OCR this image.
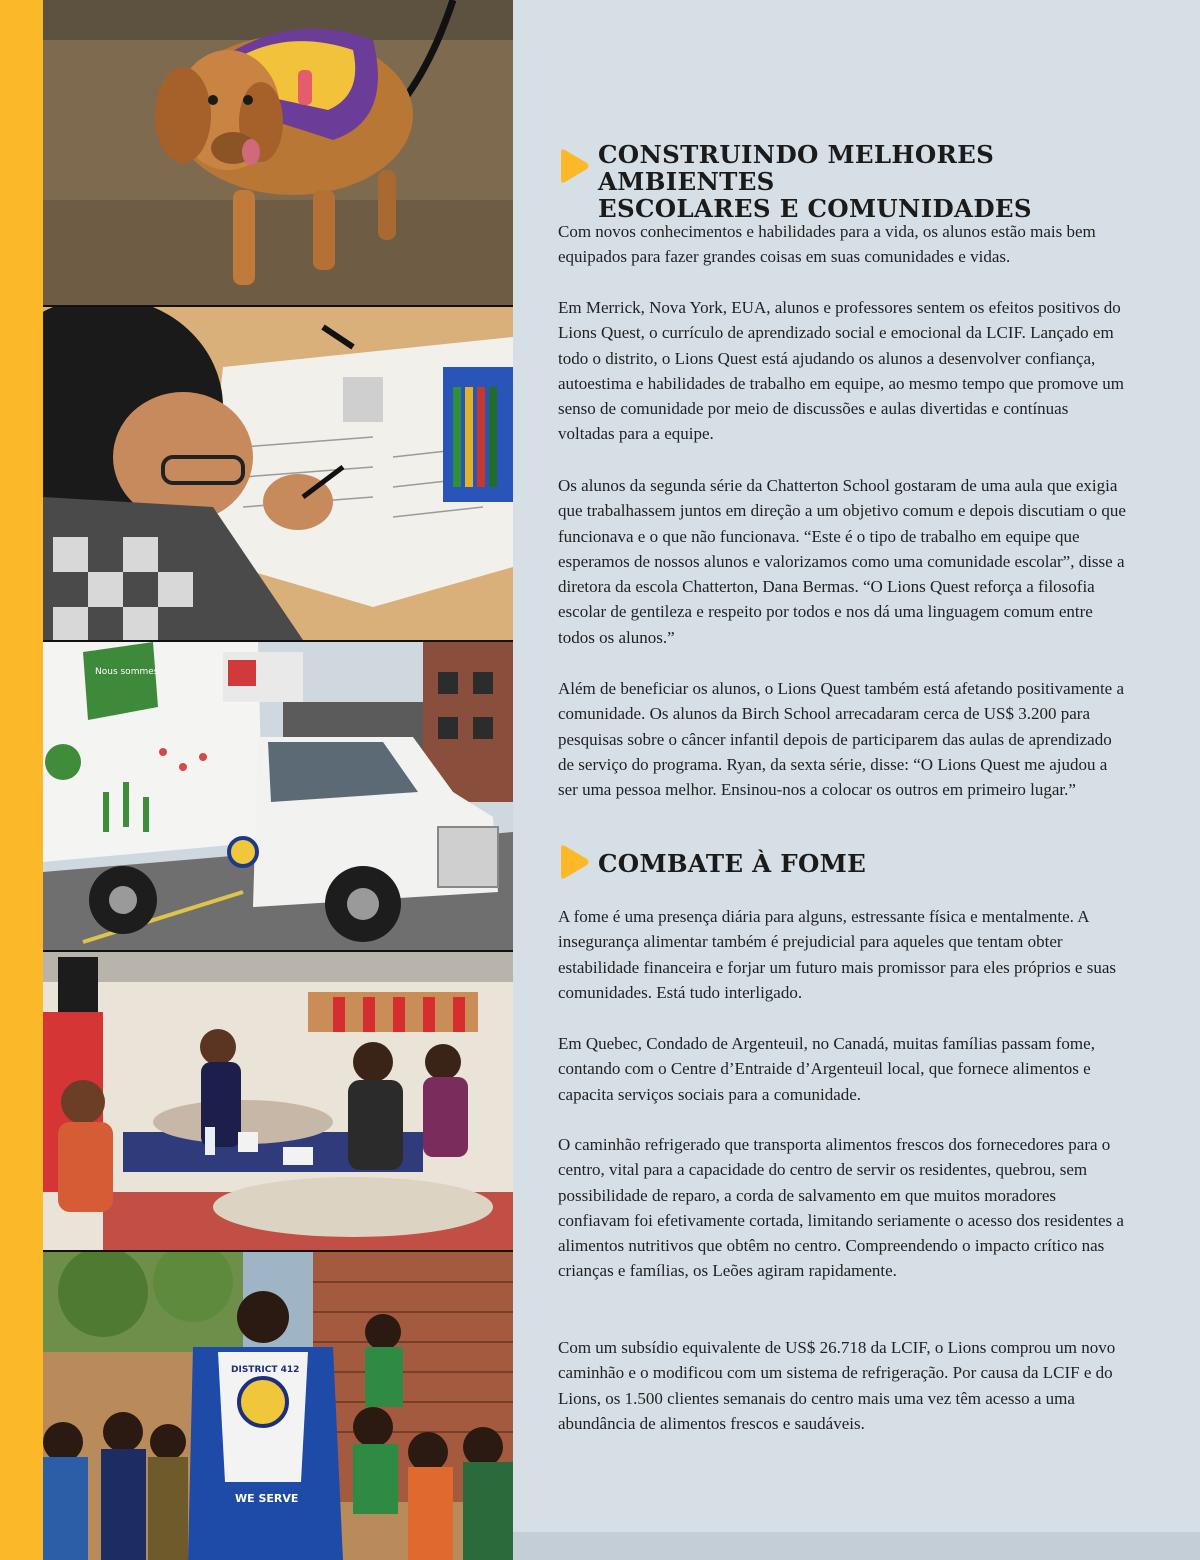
Nous sommes
DISTRICT 412
WE SERVE
CONSTRUINDO MELHORES AMBIENTES
ESCOLARES E COMUNIDADES

Com novos conhecimentos e habilidades para a vida, os alunos estão mais bem equipados para fazer grandes coisas em suas comunidades e vidas.

Em Merrick, Nova York, EUA, alunos e professores sentem os efeitos positivos do Lions Quest, o currículo de aprendizado social e emocional da LCIF. Lançado em todo o distrito, o Lions Quest está ajudando os alunos a desenvolver confiança, autoestima e habilidades de trabalho em equipe, ao mesmo tempo que promove um senso de comunidade por meio de discussões e aulas divertidas e contínuas voltadas para a equipe.

Os alunos da segunda série da Chatterton School gostaram de uma aula que exigia que trabalhassem juntos em direção a um objetivo comum e depois discutiam o que funcionava e o que não funcionava. “Este é o tipo de trabalho em equipe que esperamos de nossos alunos e valorizamos como uma comunidade escolar”, disse a diretora da escola Chatterton, Dana Bermas. “O Lions Quest reforça a filosofia escolar de gentileza e respeito por todos e nos dá uma linguagem comum entre todos os alunos.”

Além de beneficiar os alunos, o Lions Quest também está afetando positivamente a comunidade. Os alunos da Birch School arrecadaram cerca de US$ 3.200 para pesquisas sobre o câncer infantil depois de participarem das aulas de aprendizado de serviço do programa. Ryan, da sexta série, disse: “O Lions Quest me ajudou a ser uma pessoa melhor. Ensinou-nos a colocar os outros em primeiro lugar.”

COMBATE À FOME

A fome é uma presença diária para alguns, estressante física e mentalmente. A insegurança alimentar também é prejudicial para aqueles que tentam obter estabilidade financeira e forjar um futuro mais promissor para eles próprios e suas comunidades. Está tudo interligado.

Em Quebec, Condado de Argenteuil, no Canadá, muitas famílias passam fome, contando com o Centre d’Entraide d’Argenteuil local, que fornece alimentos e capacita serviços sociais para a comunidade.

O caminhão refrigerado que transporta alimentos frescos dos fornecedores para o centro, vital para a capacidade do centro de servir os residentes, quebrou, sem possibilidade de reparo, a corda de salvamento em que muitos moradores confiavam foi efetivamente cortada, limitando seriamente o acesso dos residentes a alimentos nutritivos que obtêm no centro. Compreendendo o impacto crítico nas crianças e famílias, os Leões agiram rapidamente.

Com um subsídio equivalente de US$ 26.718 da LCIF, o Lions comprou um novo caminhão e o modificou com um sistema de refrigeração. Por causa da LCIF e do Lions, os 1.500 clientes semanais do centro mais uma vez têm acesso a uma abundância de alimentos frescos e saudáveis.
